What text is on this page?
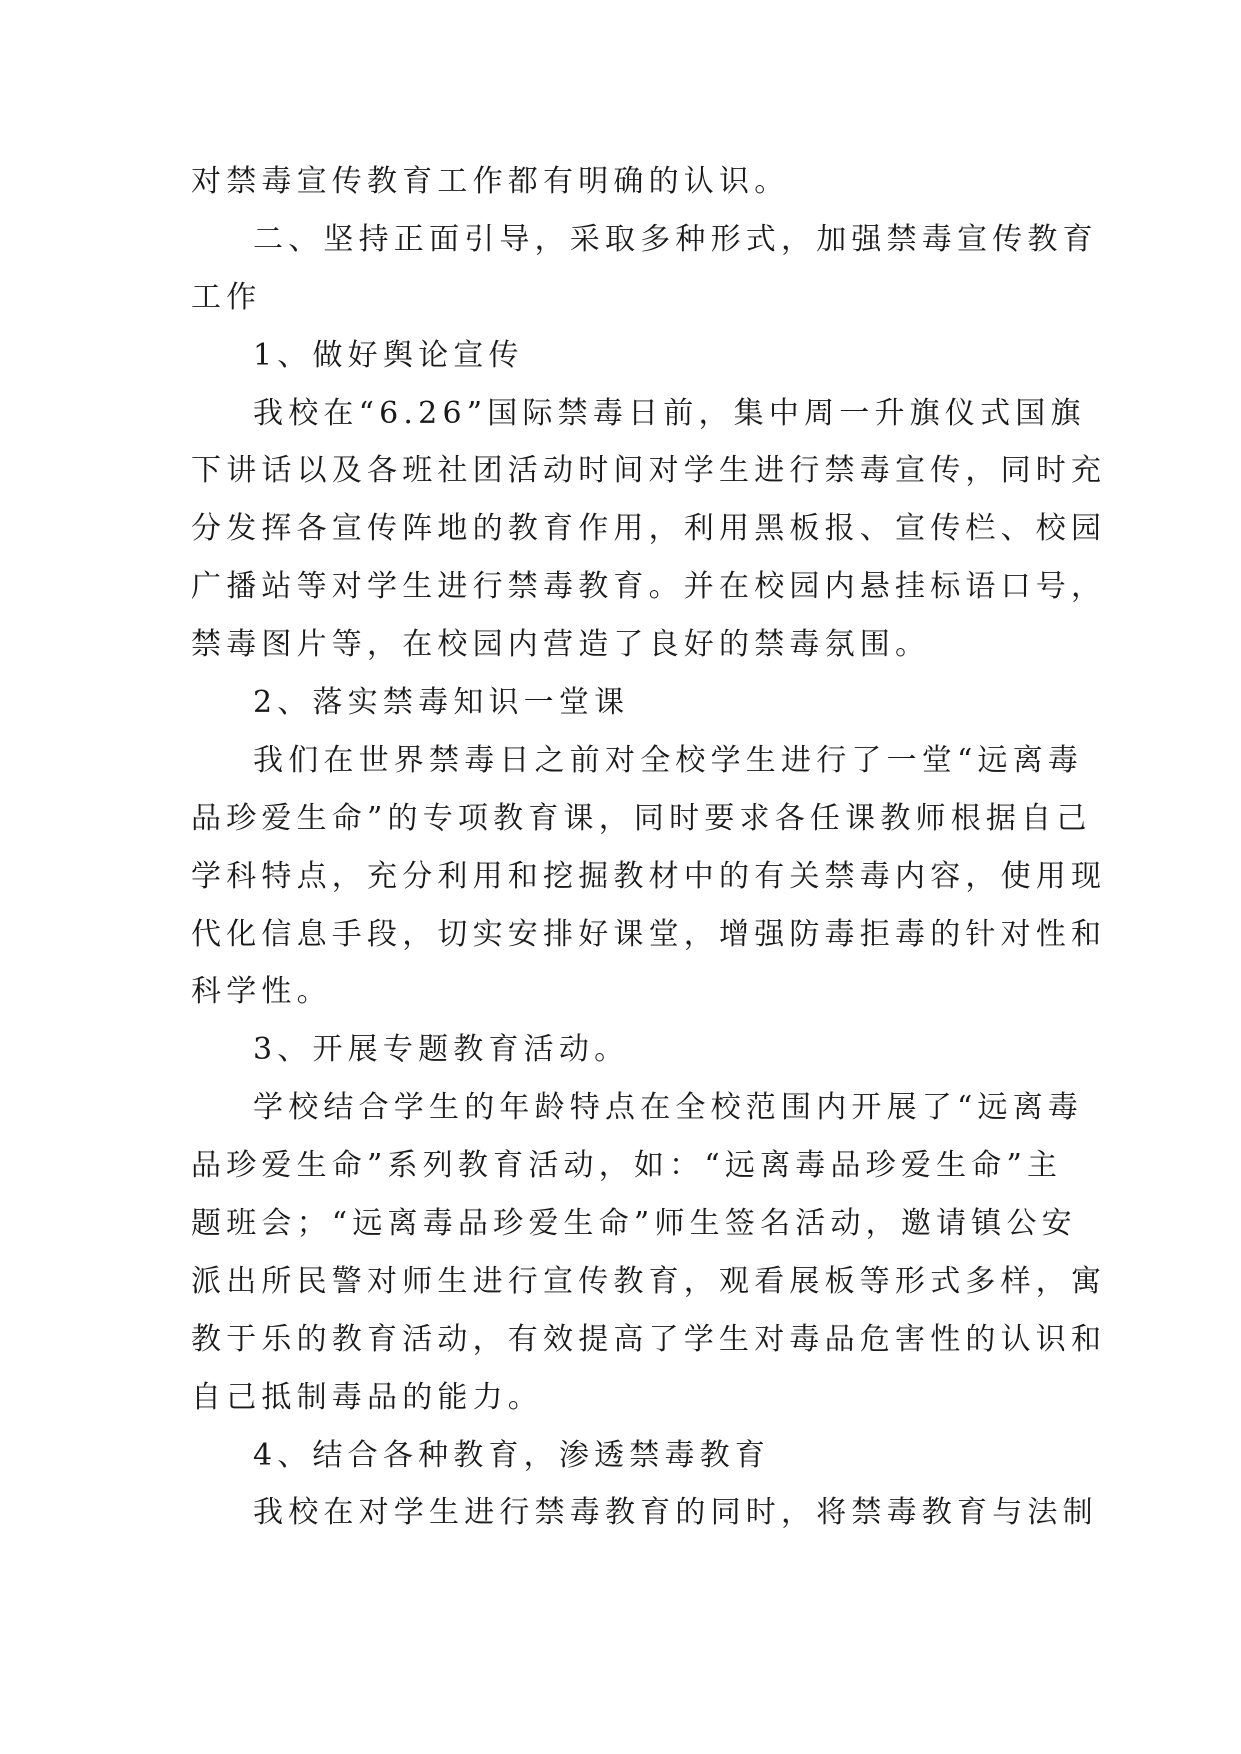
对禁毒宣传教育工作都有明确的认识。
二、坚持正面引导，采取多种形式，加强禁毒宣传教育
工作
1、做好舆论宣传
我校在“6.26”国际禁毒日前，集中周一升旗仪式国旗
下讲话以及各班社团活动时间对学生进行禁毒宣传，同时充
分发挥各宣传阵地的教育作用，利用黑板报、宣传栏、校园
广播站等对学生进行禁毒教育。并在校园内悬挂标语口号，
禁毒图片等，在校园内营造了良好的禁毒氛围。
2、落实禁毒知识一堂课
我们在世界禁毒日之前对全校学生进行了一堂“远离毒
品珍爱生命”的专项教育课，同时要求各任课教师根据自己
学科特点，充分利用和挖掘教材中的有关禁毒内容，使用现
代化信息手段，切实安排好课堂，增强防毒拒毒的针对性和
科学性。
3、开展专题教育活动。
学校结合学生的年龄特点在全校范围内开展了“远离毒
品珍爱生命”系列教育活动，如：“远离毒品珍爱生命”主
题班会；“远离毒品珍爱生命”师生签名活动，邀请镇公安
派出所民警对师生进行宣传教育，观看展板等形式多样，寓
教于乐的教育活动，有效提高了学生对毒品危害性的认识和
自己抵制毒品的能力。
4、结合各种教育，渗透禁毒教育
我校在对学生进行禁毒教育的同时，将禁毒教育与法制
